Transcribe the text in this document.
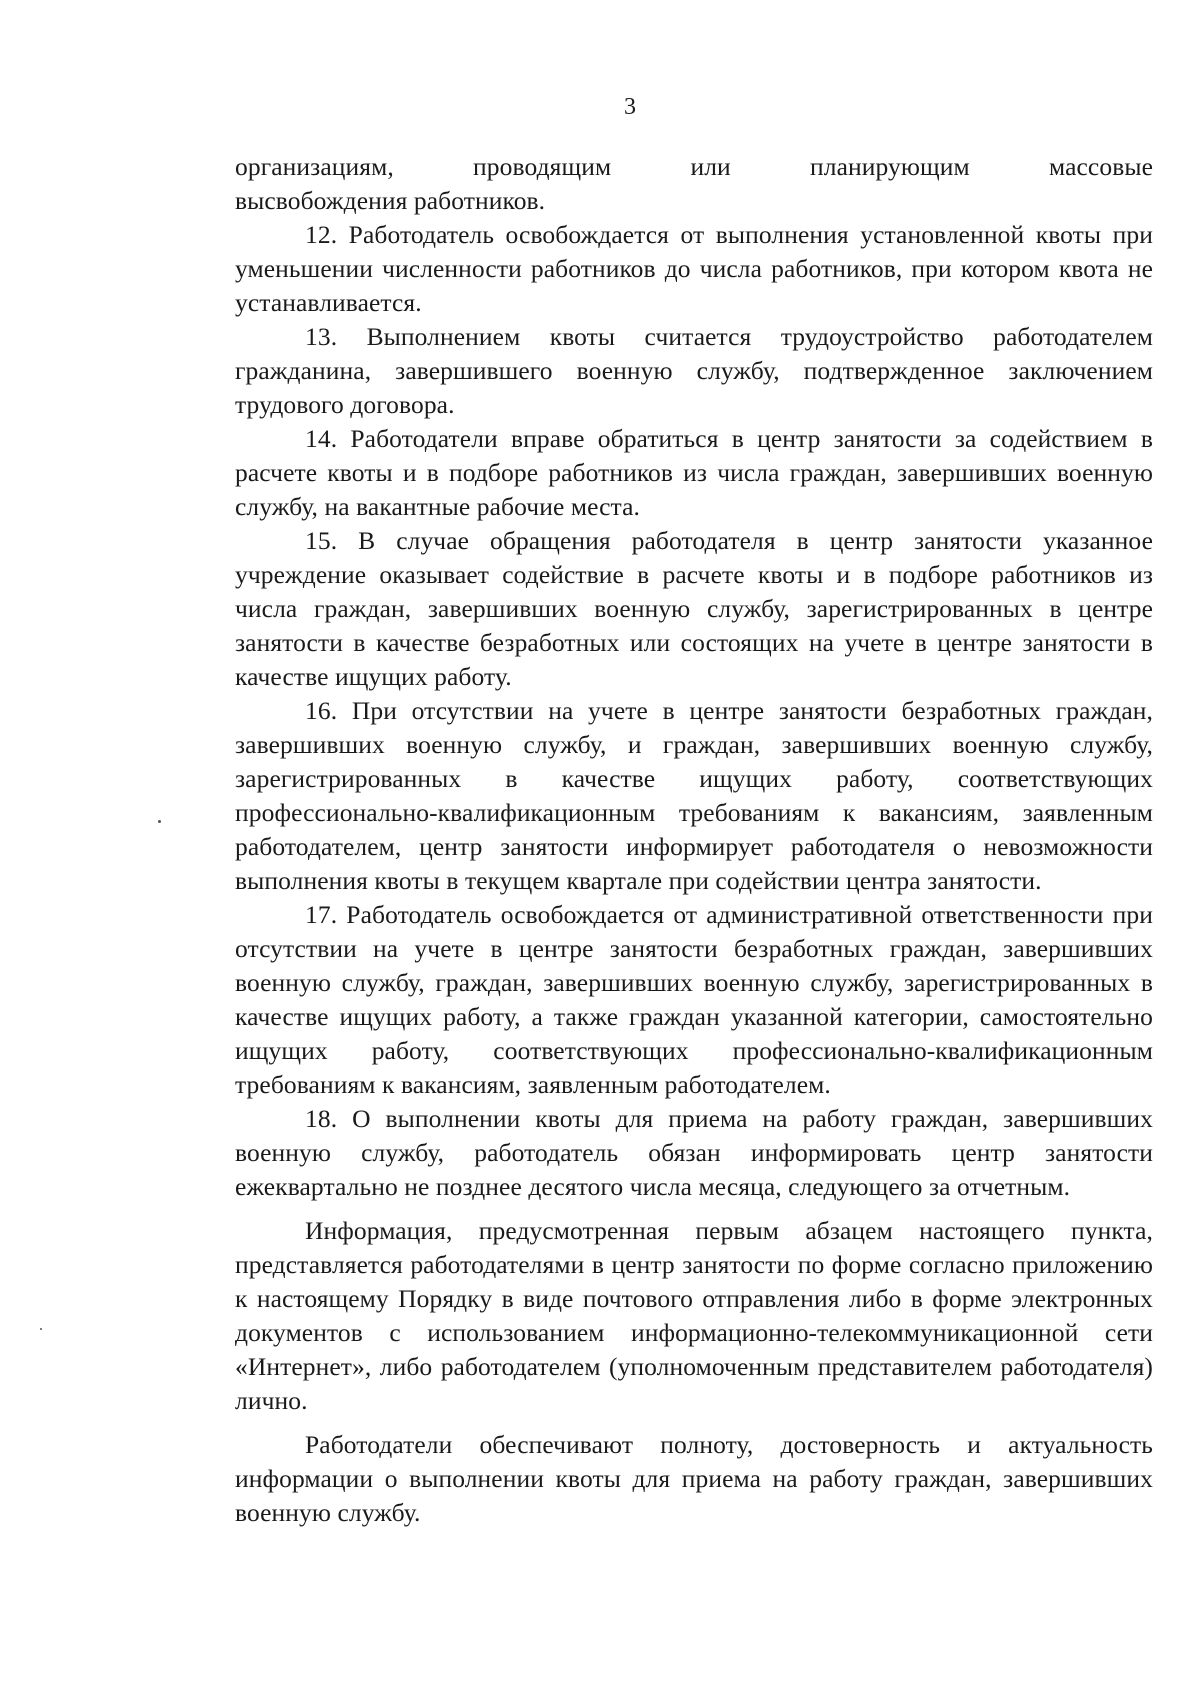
3

организациям, проводящим или планирующим массовые

высвобождения работников.

12. Работодатель освобождается от выполнения установленной квоты при уменьшении численности работников до числа работников, при котором квота не устанавливается.

13. Выполнением квоты считается трудоустройство работодателем гражданина, завершившего военную службу, подтвержденное заключением трудового договора.

14. Работодатели вправе обратиться в центр занятости за содействием в расчете квоты и в подборе работников из числа граждан, завершивших военную службу, на вакантные рабочие места.

15. В случае обращения работодателя в центр занятости указанное учреждение оказывает содействие в расчете квоты и в подборе работников из числа граждан, завершивших военную службу, зарегистрированных в центре занятости в качестве безработных или состоящих на учете в центре занятости в качестве ищущих работу.

16. При отсутствии на учете в центре занятости безработных граждан, завершивших военную службу, и граждан, завершивших военную службу, зарегистрированных в качестве ищущих работу, соответствующих профессионально-квалификационным требованиям к вакансиям, заявленным работодателем, центр занятости информирует работодателя о невозможности выполнения квоты в текущем квартале при содействии центра занятости.

17. Работодатель освобождается от административной ответственности при отсутствии на учете в центре занятости безработных граждан, завершивших военную службу, граждан, завершивших военную службу, зарегистрированных в качестве ищущих работу, а также граждан указанной категории, самостоятельно ищущих работу, соответствующих профессионально-квалификационным требованиям к вакансиям, заявленным работодателем.

18. О выполнении квоты для приема на работу граждан, завершивших военную службу, работодатель обязан информировать центр занятости ежеквартально не позднее десятого числа месяца, следующего за отчетным.

Информация, предусмотренная первым абзацем настоящего пункта, представляется работодателями в центр занятости по форме согласно приложению к настоящему Порядку в виде почтового отправления либо в форме электронных документов с использованием информационно-телекоммуникационной сети «Интернет», либо работодателем (уполномоченным представителем работодателя) лично.

Работодатели обеспечивают полноту, достоверность и актуальность информации о выполнении квоты для приема на работу граждан, завершивших военную службу.
